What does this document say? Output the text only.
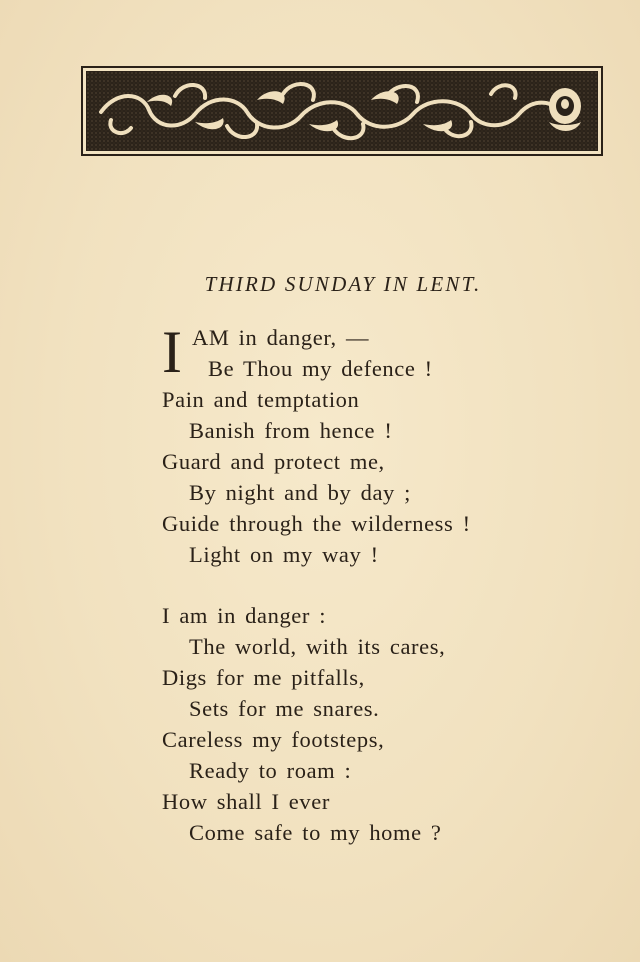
THIRD SUNDAY IN LENT.
I AM in danger, —
Be Thou my defence !
Pain and temptation
Banish from hence !
Guard and protect me,
By night and by day ;
Guide through the wilderness !
Light on my way !
I am in danger :
The world, with its cares,
Digs for me pitfalls,
Sets for me snares.
Careless my footsteps,
Ready to roam :
How shall I ever
Come safe to my home ?
